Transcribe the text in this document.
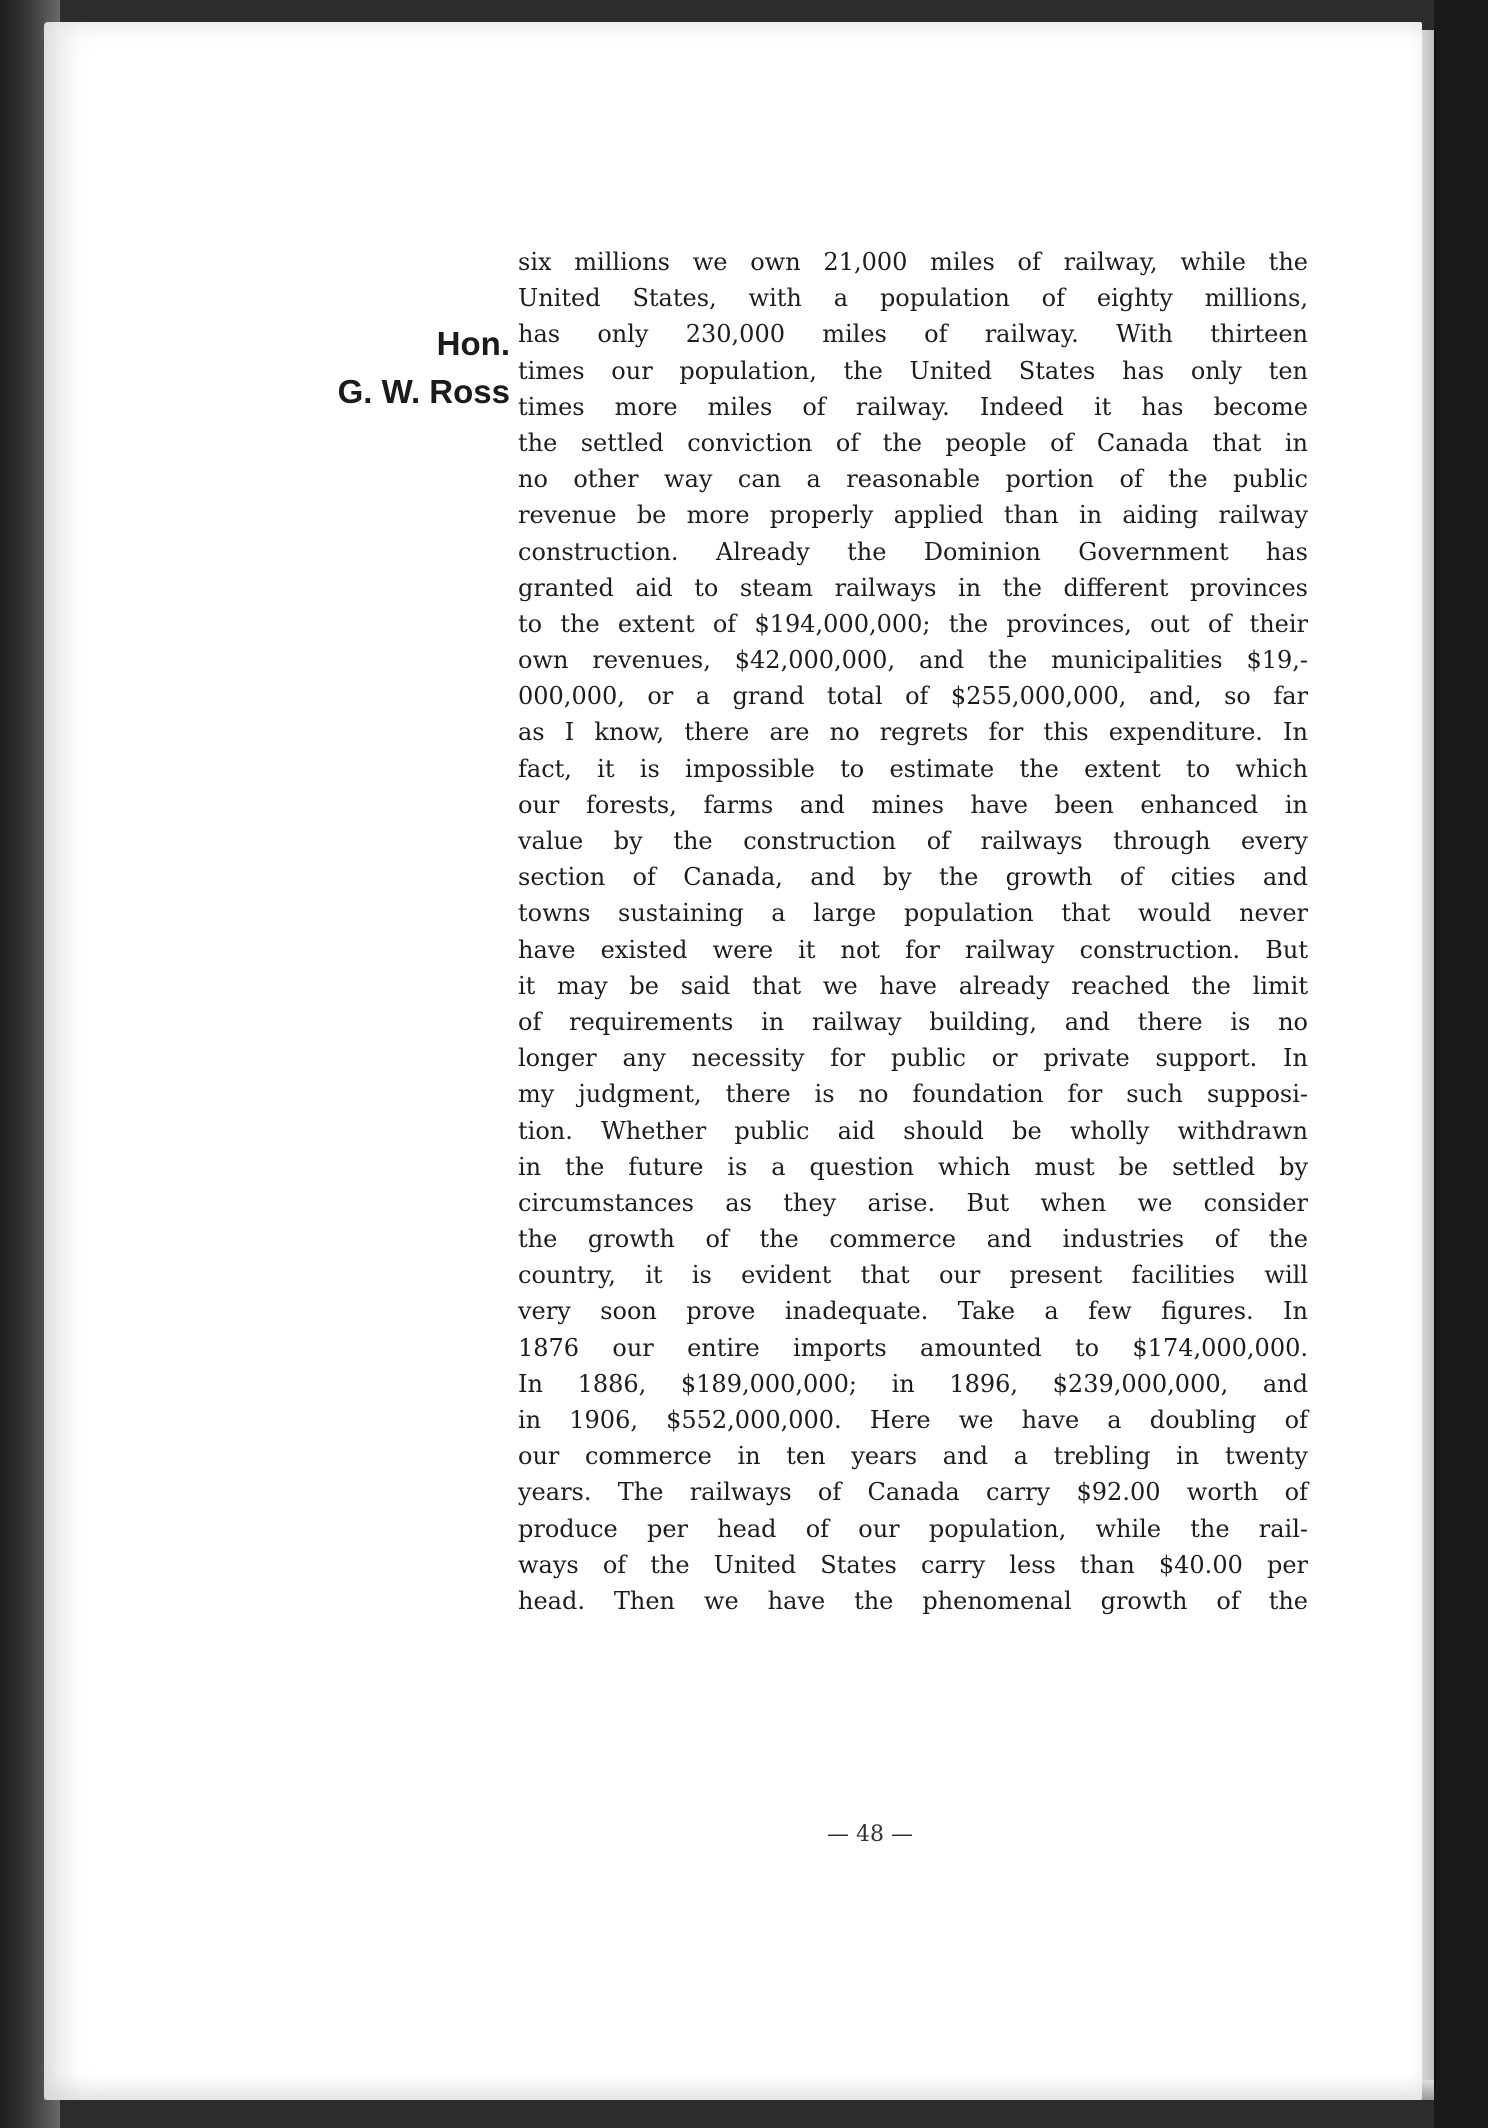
Hon.
G. W. Ross
six millions we own 21,000 miles of railway, while the
United States, with a population of eighty millions,
has only 230,000 miles of railway. With thirteen
times our population, the United States has only ten
times more miles of railway. Indeed it has become
the settled conviction of the people of Canada that in
no other way can a reasonable portion of the public
revenue be more properly applied than in aiding railway
construction. Already the Dominion Government has
granted aid to steam railways in the different provinces
to the extent of $194,000,000; the provinces, out of their
own revenues, $42,000,000, and the municipalities $19,-
000,000, or a grand total of $255,000,000, and, so far
as I know, there are no regrets for this expenditure. In
fact, it is impossible to estimate the extent to which
our forests, farms and mines have been enhanced in
value by the construction of railways through every
section of Canada, and by the growth of cities and
towns sustaining a large population that would never
have existed were it not for railway construction. But
it may be said that we have already reached the limit
of requirements in railway building, and there is no
longer any necessity for public or private support. In
my judgment, there is no foundation for such supposi-
tion. Whether public aid should be wholly withdrawn
in the future is a question which must be settled by
circumstances as they arise. But when we consider
the growth of the commerce and industries of the
country, it is evident that our present facilities will
very soon prove inadequate. Take a few figures. In
1876 our entire imports amounted to $174,000,000.
In 1886, $189,000,000; in 1896, $239,000,000, and
in 1906, $552,000,000. Here we have a doubling of
our commerce in ten years and a trebling in twenty
years. The railways of Canada carry $92.00 worth of
produce per head of our population, while the rail-
ways of the United States carry less than $40.00 per
head. Then we have the phenomenal growth of the
— 48 —
